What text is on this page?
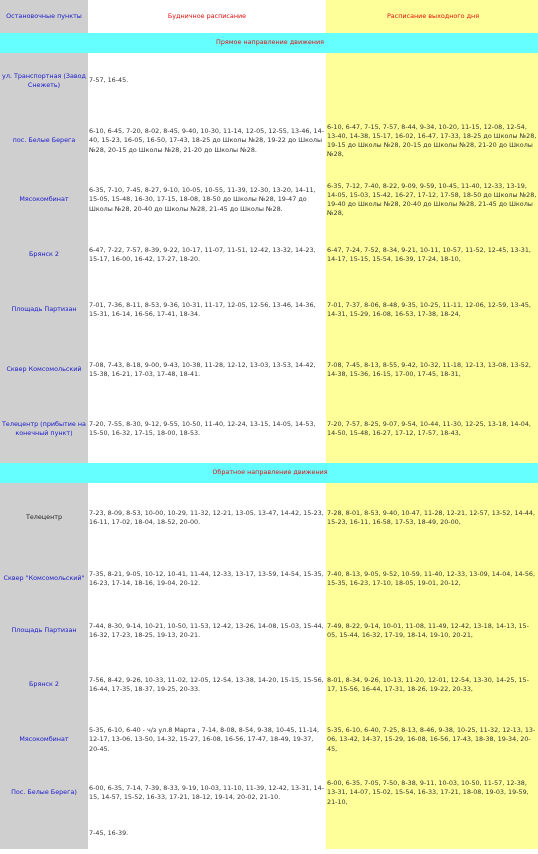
Остановочные пункты	Будничное расписание	Расписание выходного дня
Прямое направление движения		
ул. Транспортная (Завод Снежеть)	7-57, 16-45.	
пос. Белые Берега	6-10, 6-45, 7-20, 8-02, 8-45, 9-40, 10-30, 11-14, 12-05, 12-55, 13-46, 14-40, 15-23, 16-05, 16-50, 17-43, 18-25 до Школы №28, 19-22 до Школы №28, 20-15 до Школы №28, 21-20 до Школы №28.	6-10, 6-47, 7-15, 7-57, 8-44, 9-34, 10-20, 11-15, 12-08, 12-54, 13-40, 14-38, 15-17, 16-02, 16-47, 17-33, 18-25 до Школы №28, 19-15 до Школы №28, 20-15 до Школы №28, 21-20 до Школы №28,
Мясокомбинат	6-35, 7-10, 7-45, 8-27, 9-10, 10-05, 10-55, 11-39, 12-30, 13-20, 14-11, 15-05, 15-48, 16-30, 17-15, 18-08, 18-50 до Школы №28, 19-47 до Школы №28, 20-40 до Школы №28, 21-45 до Школы №28.	6-35, 7-12, 7-40, 8-22, 9-09, 9-59, 10-45, 11-40, 12-33, 13-19, 14-05, 15-03, 15-42, 16-27, 17-12, 17-58, 18-50 до Школы №28, 19-40 до Школы №28, 20-40 до Школы №28, 21-45 до Школы №28,
Брянск 2	6-47, 7-22, 7-57, 8-39, 9-22, 10-17, 11-07, 11-51, 12-42, 13-32, 14-23, 15-17, 16-00, 16-42, 17-27, 18-20.	6-47, 7-24, 7-52, 8-34, 9-21, 10-11, 10-57, 11-52, 12-45, 13-31, 14-17, 15-15, 15-54, 16-39, 17-24, 18-10,
Площадь Партизан	7-01, 7-36, 8-11, 8-53, 9-36, 10-31, 11-17, 12-05, 12-56, 13-46, 14-36, 15-31, 16-14, 16-56, 17-41, 18-34.	7-01, 7-37, 8-06, 8-48, 9-35, 10-25, 11-11, 12-06, 12-59, 13-45, 14-31, 15-29, 16-08, 16-53, 17-38, 18-24,
Сквер Комсомольский	7-08, 7-43, 8-18, 9-00, 9-43, 10-38, 11-28, 12-12, 13-03, 13-53, 14-42, 15-38, 16-21, 17-03, 17-48, 18-41.	7-08, 7-45, 8-13, 8-55, 9-42, 10-32, 11-18, 12-13, 13-08, 13-52, 14-38, 15-36, 16-15, 17-00, 17-45, 18-31,
Телецентр (прибытие на конечный пункт)	7-20, 7-55, 8-30, 9-12, 9-55, 10-50, 11-40, 12-24, 13-15, 14-05, 14-53, 15-50, 16-32, 17-15, 18-00, 18-53.	7-20, 7-57, 8-25, 9-07, 9-54, 10-44, 11-30, 12-25, 13-18, 14-04, 14-50, 15-48, 16-27, 17-12, 17-57, 18-43,

Обратное направление движения		
Телецентр	7-23, 8-09, 8-53, 10-00, 10-29, 11-32, 12-21, 13-05, 13-47, 14-42, 15-23, 16-11, 17-02, 18-04, 18-52, 20-00.	7-28, 8-01, 8-53, 9-40, 10-47, 11-28, 12-21, 12-57, 13-52, 14-44, 15-23, 16-11, 16-58, 17-53, 18-49, 20-00,
Сквер "Комсомольский"	7-35, 8-21, 9-05, 10-12, 10-41, 11-44, 12-33, 13-17, 13-59, 14-54, 15-35, 16-23, 17-14, 18-16, 19-04, 20-12.	7-40, 8-13, 9-05, 9-52, 10-59, 11-40, 12-33, 13-09, 14-04, 14-56, 15-35, 16-23, 17-10, 18-05, 19-01, 20-12,
Площадь Партизан	7-44, 8-30, 9-14, 10-21, 10-50, 11-53, 12-42, 13-26, 14-08, 15-03, 15-44, 16-32, 17-23, 18-25, 19-13, 20-21.	7-49, 8-22, 9-14, 10-01, 11-08, 11-49, 12-42, 13-18, 14-13, 15-05, 15-44, 16-32, 17-19, 18-14, 19-10, 20-21,
Брянск 2	7-56, 8-42, 9-26, 10-33, 11-02, 12-05, 12-54, 13-38, 14-20, 15-15, 15-56, 16-44, 17-35, 18-37, 19-25, 20-33.	8-01, 8-34, 9-26, 10-13, 11-20, 12-01, 12-54, 13-30, 14-25, 15-17, 15-56, 16-44, 17-31, 18-26, 19-22, 20-33,
Мясокомбинат	5-35, 6-10, 6-40 - ч/з ул.8 Марта , 7-14, 8-08, 8-54, 9-38, 10-45, 11-14, 12-17, 13-06, 13-50, 14-32, 15-27, 16-08, 16-56, 17-47, 18-49, 19-37, 20-45.	5-35, 6-10, 6-40, 7-25, 8-13, 8-46, 9-38, 10-25, 11-32, 12-13, 13-06, 13-42, 14-37, 15-29, 16-08, 16-56, 17-43, 18-38, 19-34, 20-45,
Пос. Белые Берега)	6-00, 6-35, 7-14, 7-39, 8-33, 9-19, 10-03, 11-10, 11-39, 12-42, 13-31, 14-15, 14-57, 15-52, 16-33, 17-21, 18-12, 19-14, 20-02, 21-10.	6-00, 6-35, 7-05, 7-50, 8-38, 9-11, 10-03, 10-50, 11-57, 12-38, 13-31, 14-07, 15-02, 15-54, 16-33, 17-21, 18-08, 19-03, 19-59, 21-10,
	7-45, 16-39.	
